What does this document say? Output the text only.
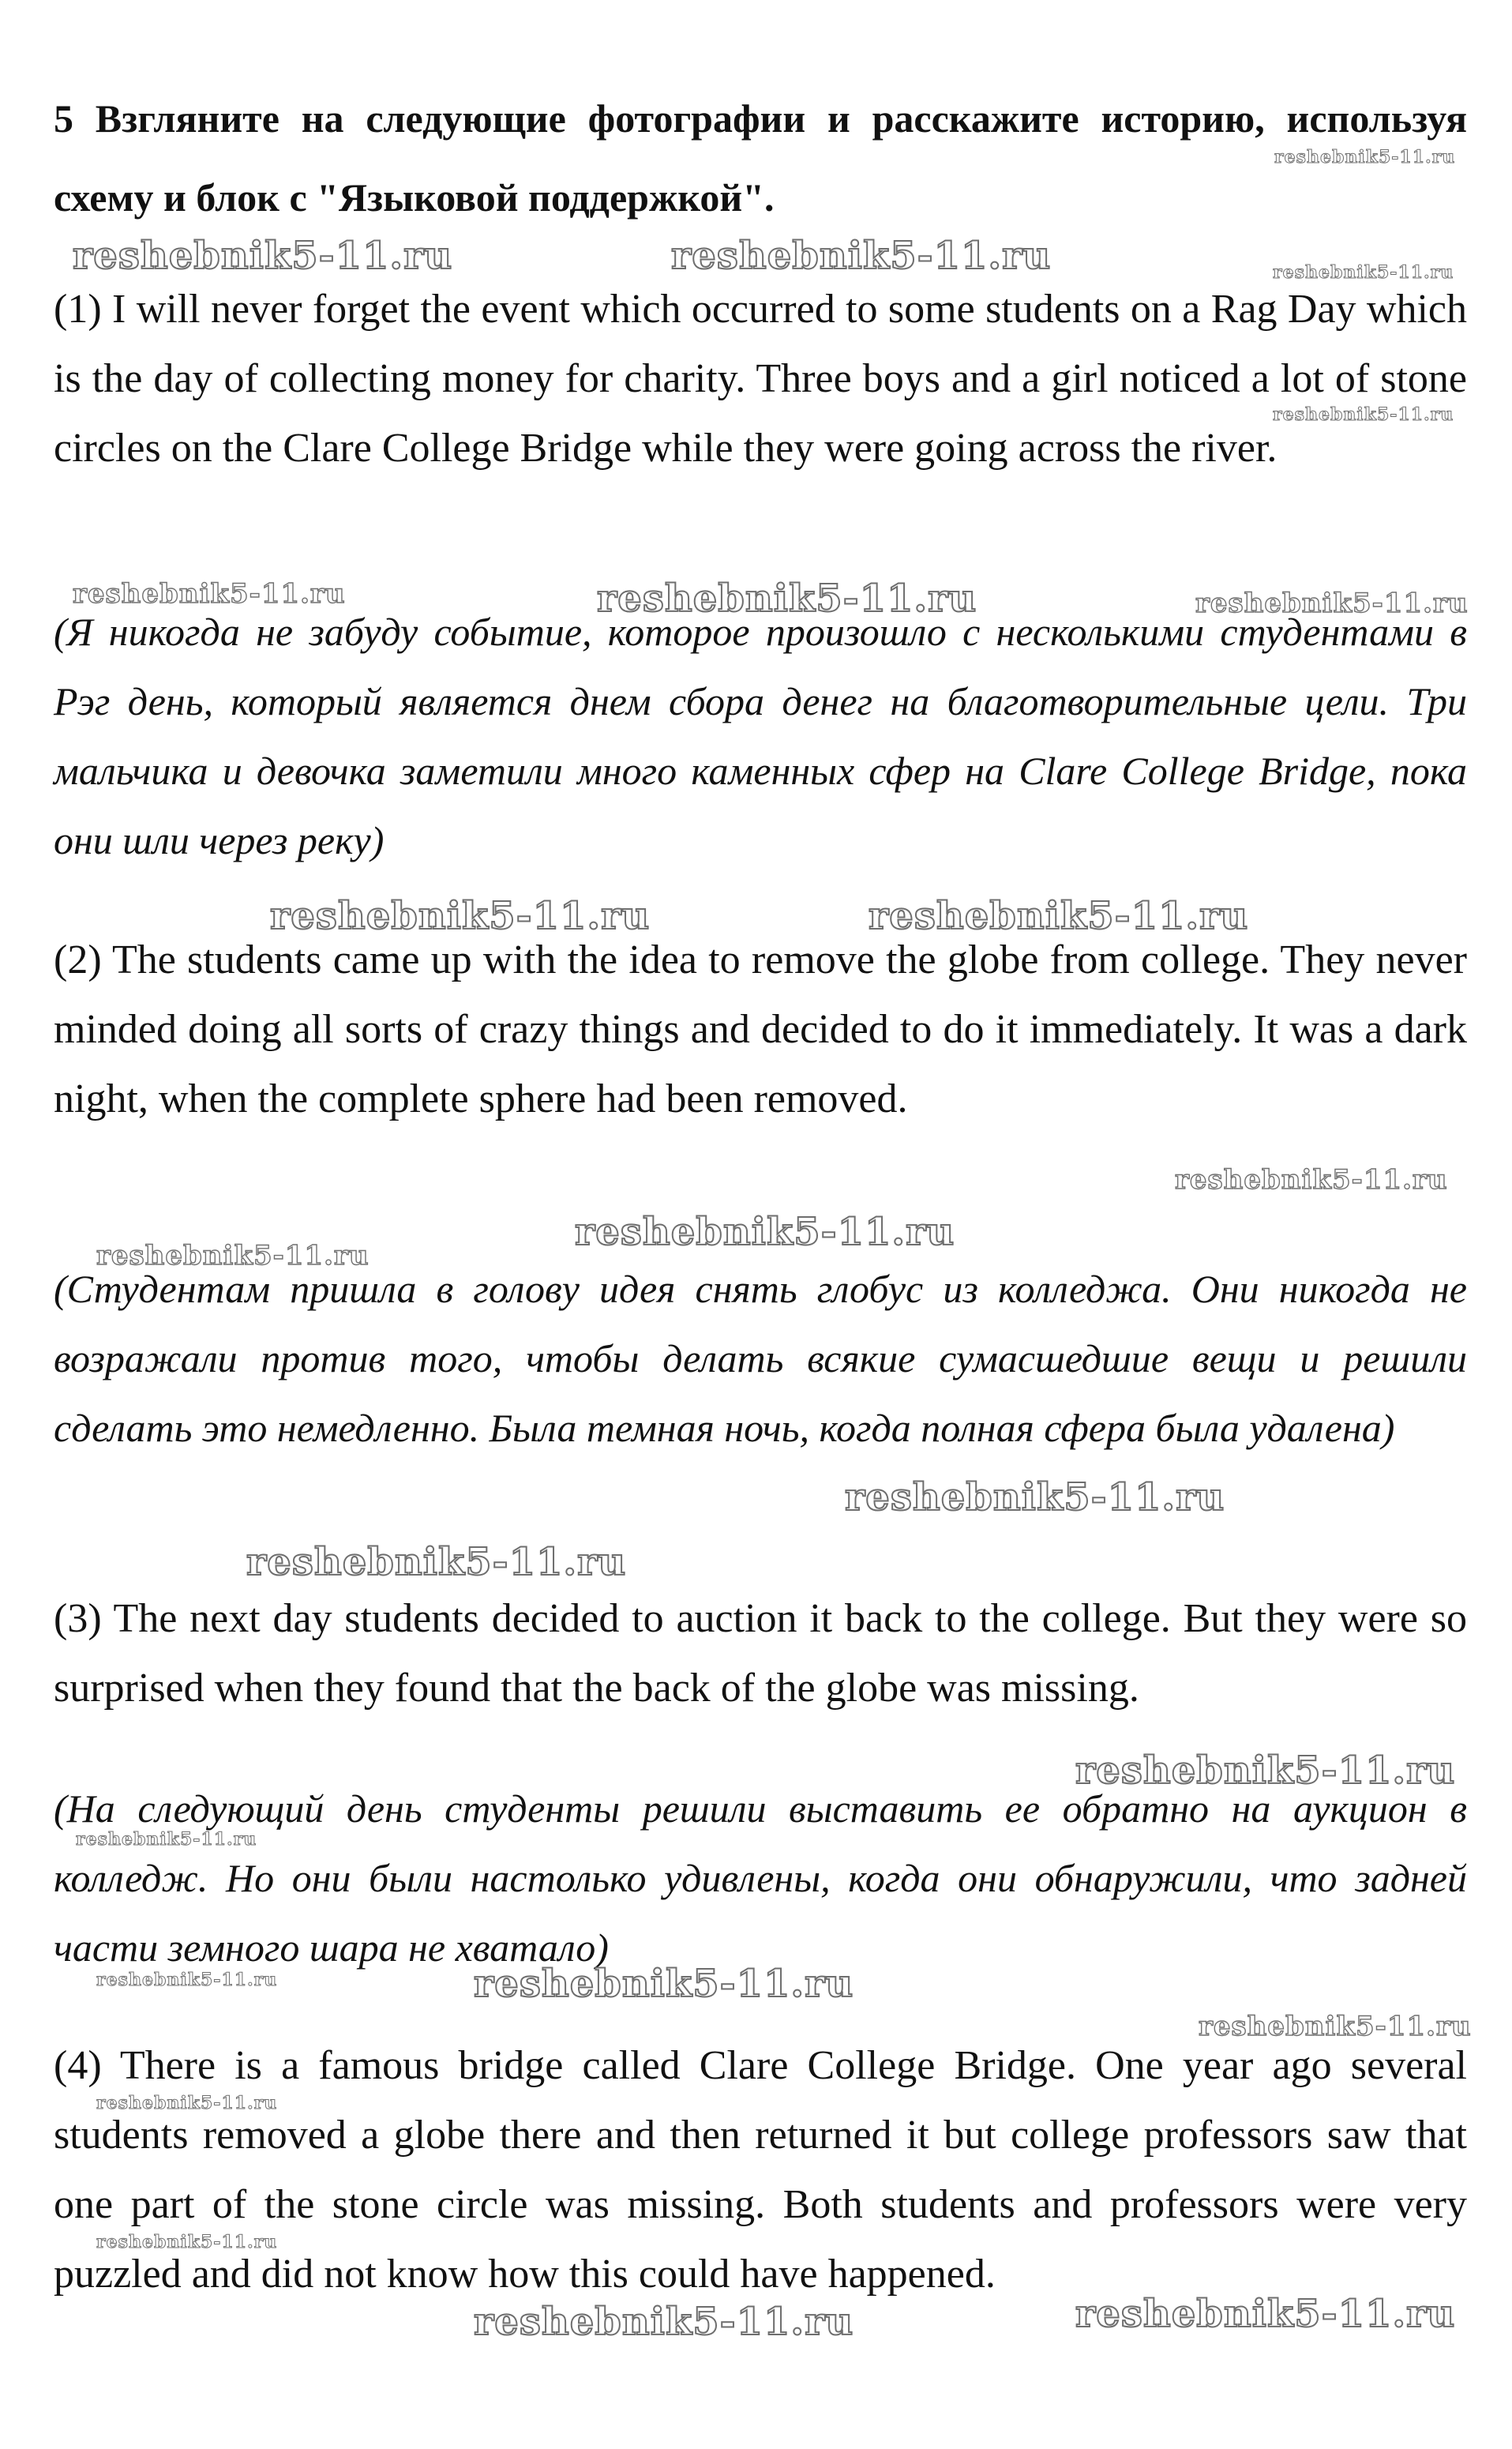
5 Взгляните на следующие фотографии и расскажите историю, используя схему и блок с "Языковой поддержкой".

(1) I will never forget the event which occurred to some students on a Rag Day which is the day of collecting money for charity. Three boys and a girl noticed a lot of stone circles on the Clare College Bridge while they were going across the river.

(Я никогда не забуду событие, которое произошло с несколькими студентами в Рэг день, который является днем сбора денег на благотворительные цели. Три мальчика и девочка заметили много каменных сфер на Clare College Bridge, пока они шли через реку)

(2) The students came up with the idea to remove the globe from college. They never minded doing all sorts of crazy things and decided to do it immediately. It was a dark night, when the complete sphere had been removed.

(Студентам пришла в голову идея снять глобус из колледжа. Они никогда не возражали против того, чтобы делать всякие сумасшедшие вещи и решили сделать это немедленно. Была темная ночь, когда полная сфера была удалена)

(3) The next day students decided to auction it back to the college. But they were so surprised when they found that the back of the globe was missing.

(На следующий день студенты решили выставить ее обратно на аукцион в колледж. Но они были настолько удивлены, когда они обнаружили, что задней части земного шара не хватало)

(4) There is a famous bridge called Clare College Bridge. One year ago several students removed a globe there and then returned it but college professors saw that one part of the stone circle was missing. Both students and professors were very puzzled and did not know how this could have happened.

reshebnik5-11.ru
reshebnik5-11.ru	reshebnik5-11.ru	reshebnik5-11.ru
reshebnik5-11.ru
reshebnik5-11.ru	reshebnik5-11.ru	reshebnik5-11.ru
reshebnik5-11.ru	reshebnik5-11.ru
reshebnik5-11.ru
reshebnik5-11.ru
reshebnik5-11.ru
reshebnik5-11.ru
reshebnik5-11.ru
reshebnik5-11.ru
reshebnik5-11.ru
reshebnik5-11.ru
reshebnik5-11.ru
reshebnik5-11.ru
reshebnik5-11.ru
reshebnik5-11.ru
reshebnik5-11.ru
reshebnik5-11.ru
